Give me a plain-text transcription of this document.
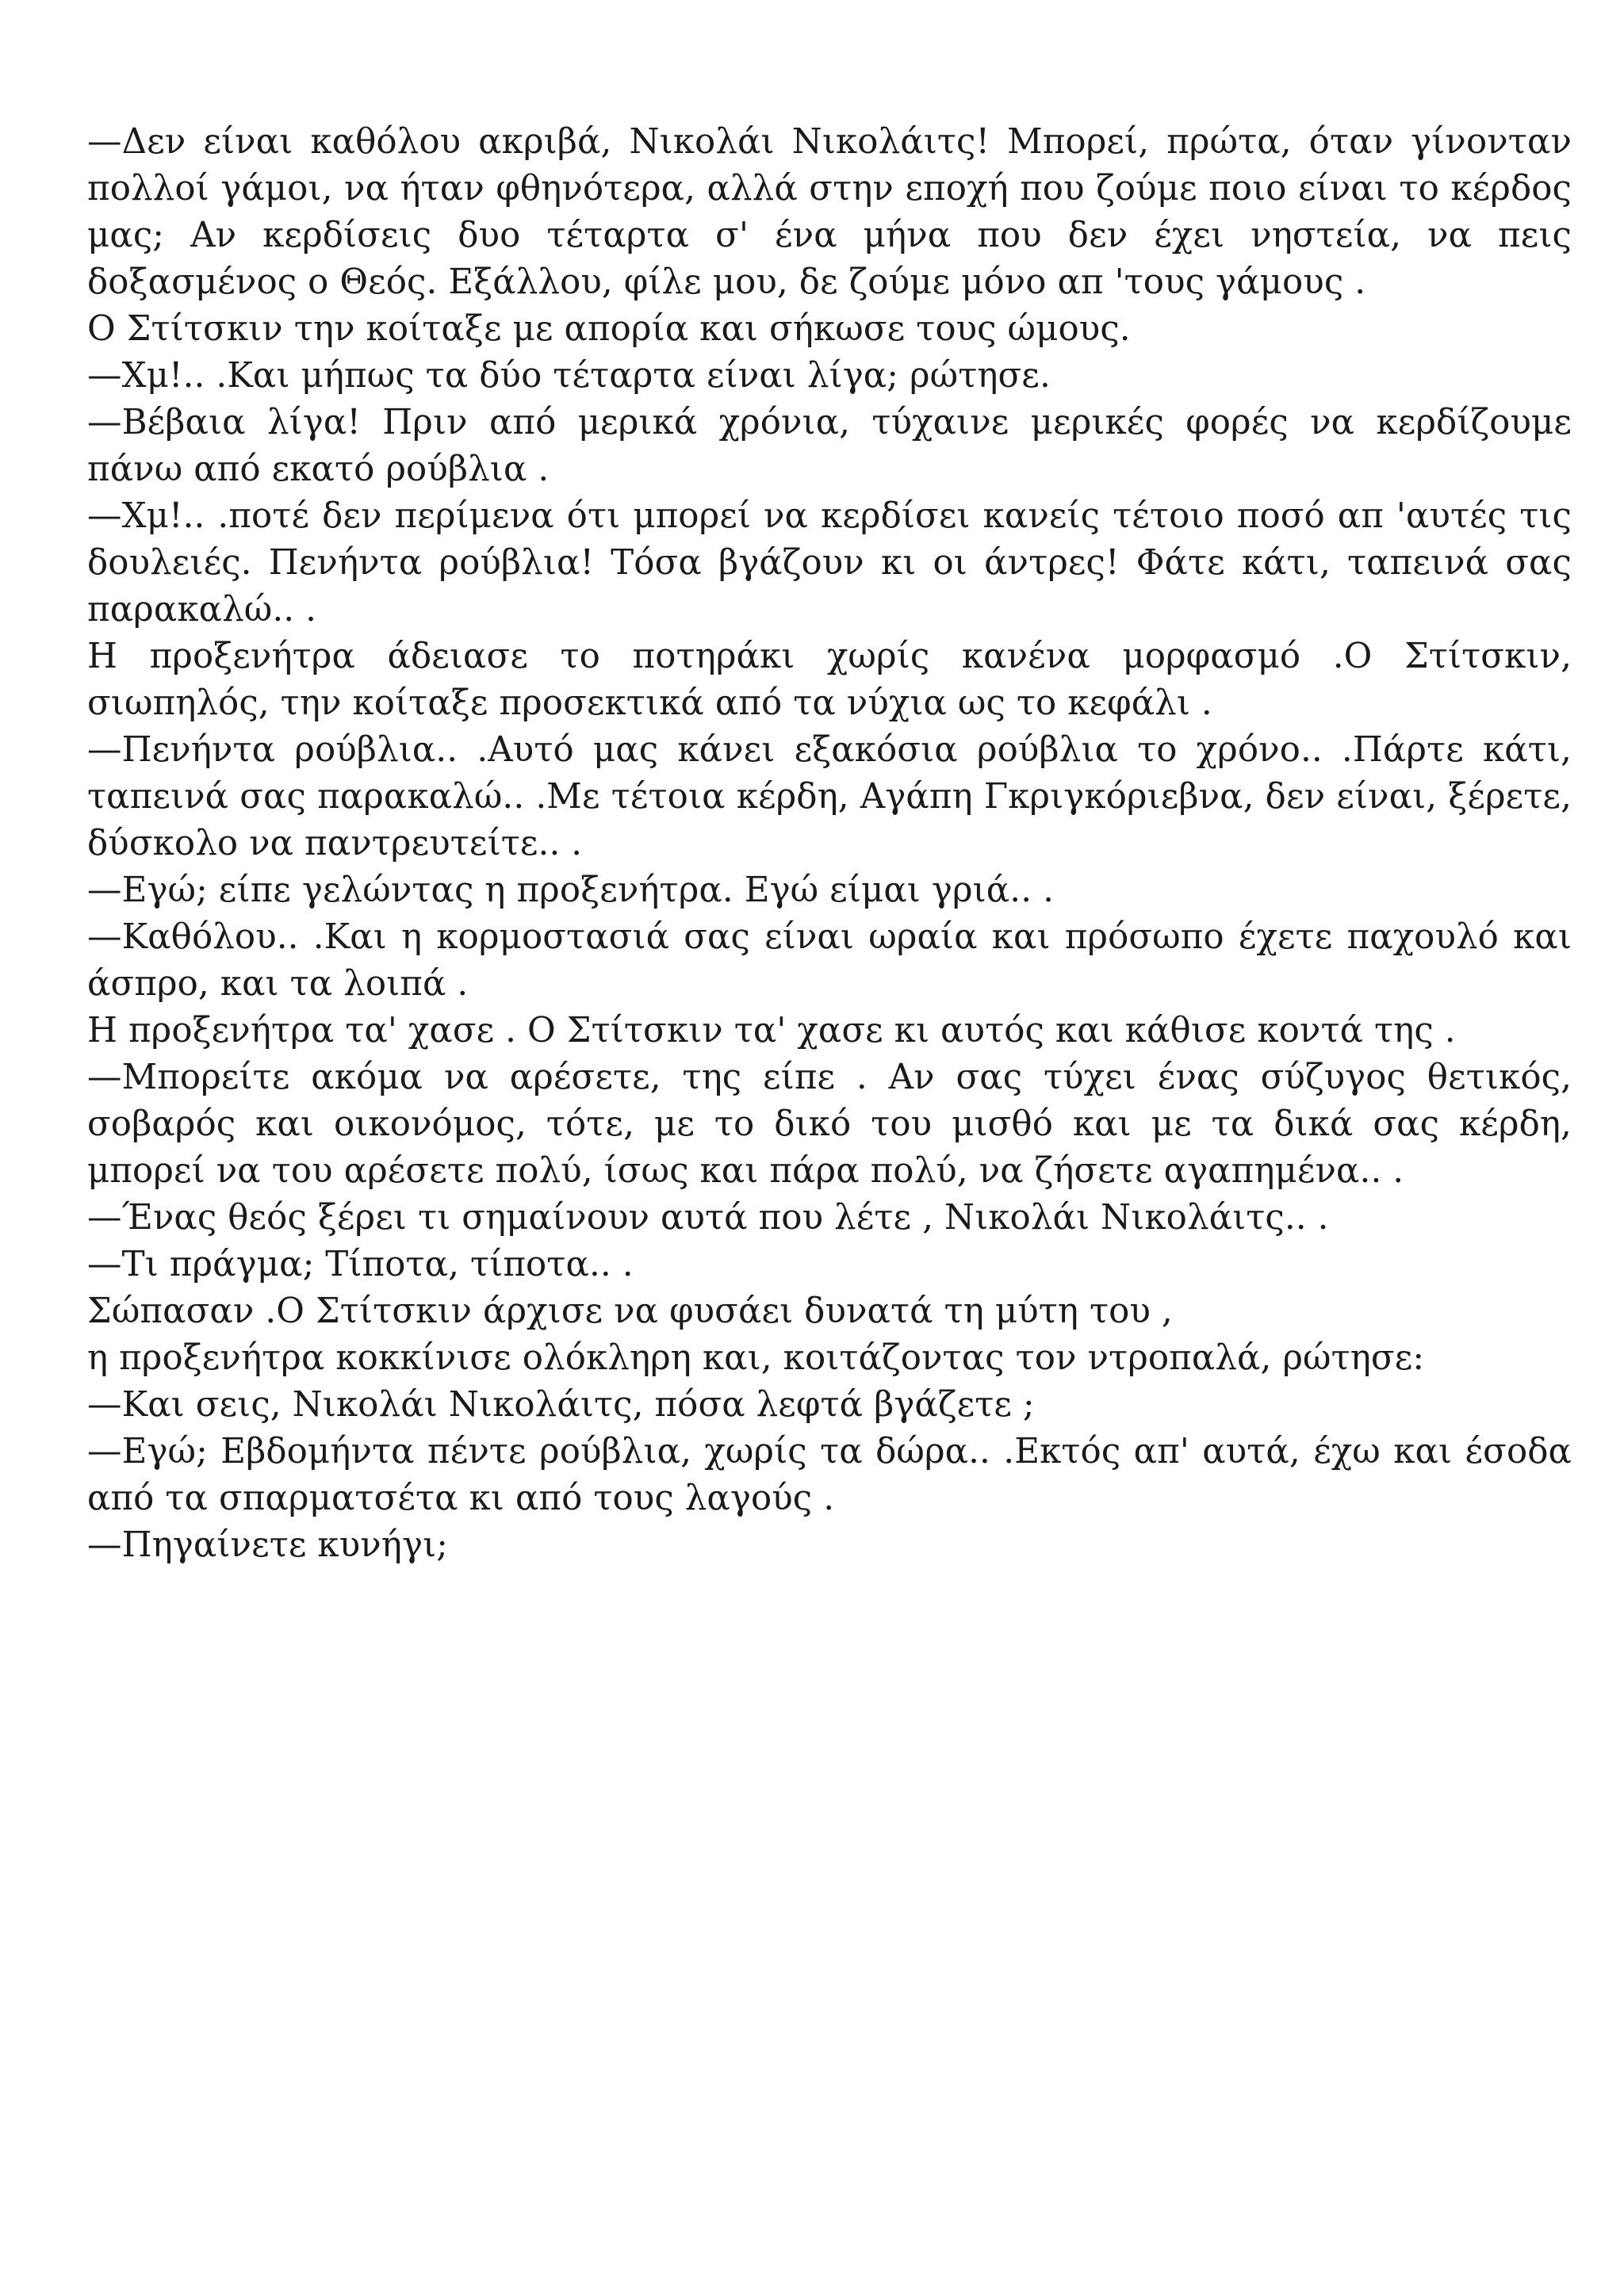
—Δεν είναι καθόλου ακριβά, Νικολάι Νικολάιτς! Μπορεί, πρώτα, όταν γίνονταν πολλοί γάμοι, να ήταν φθηνότερα, αλλά στην εποχή που ζούμε ποιο είναι το κέρδος μας; Αν κερδίσεις δυο τέταρτα σ' ένα μήνα που δεν έχει νηστεία, να πεις δοξασμένος ο Θεός. Εξάλλου, φίλε μου, δε ζούμε μόνο απ 'τους γάμους .

Ο Στίτσκιν την κοίταξε με απορία και σήκωσε τους ώμους.

—Χμ!.. .Και μήπως τα δύο τέταρτα είναι λίγα; ρώτησε.

—Βέβαια λίγα! Πριν από μερικά χρόνια, τύχαινε μερικές φορές να κερδίζουμε πάνω από εκατό ρούβλια .

—Χμ!.. .ποτέ δεν περίμενα ότι μπορεί να κερδίσει κανείς τέτοιο ποσό απ 'αυτές τις δουλειές. Πενήντα ρούβλια! Τόσα βγάζουν κι οι άντρες! Φάτε κάτι, ταπεινά σας παρακαλώ.. .

Η προξενήτρα άδειασε το ποτηράκι χωρίς κανένα μορφασμό .Ο Στίτσκιν, σιωπηλός, την κοίταξε προσεκτικά από τα νύχια ως το κεφάλι .

—Πενήντα ρούβλια.. .Αυτό μας κάνει εξακόσια ρούβλια το χρόνο.. .Πάρτε κάτι, ταπεινά σας παρακαλώ.. .Με τέτοια κέρδη, Αγάπη Γκριγκόριεβνα, δεν είναι, ξέρετε, δύσκολο να παντρευτείτε.. .

—Εγώ; είπε γελώντας η προξενήτρα. Εγώ είμαι γριά.. .

—Καθόλου.. .Και η κορμοστασιά σας είναι ωραία και πρόσωπο έχετε παχουλό και άσπρο, και τα λοιπά .

Η προξενήτρα τα' χασε . Ο Στίτσκιν τα' χασε κι αυτός και κάθισε κοντά της .

—Μπορείτε ακόμα να αρέσετε, της είπε . Αν σας τύχει ένας σύζυγος θετικός, σοβαρός και οικονόμος, τότε, με το δικό του μισθό και με τα δικά σας κέρδη, μπορεί να του αρέσετε πολύ, ίσως και πάρα πολύ, να ζήσετε αγαπημένα.. .

—Ένας θεός ξέρει τι σημαίνουν αυτά που λέτε , Νικολάι Νικολάιτς.. .

—Τι πράγμα; Τίποτα, τίποτα.. .

Σώπασαν .Ο Στίτσκιν άρχισε να φυσάει δυνατά τη μύτη του ,

η προξενήτρα κοκκίνισε ολόκληρη και, κοιτάζοντας τον ντροπαλά, ρώτησε:

—Και σεις, Νικολάι Νικολάιτς, πόσα λεφτά βγάζετε ;

—Εγώ; Εβδομήντα πέντε ρούβλια, χωρίς τα δώρα.. .Εκτός απ' αυτά, έχω και έσοδα από τα σπαρματσέτα κι από τους λαγούς .

—Πηγαίνετε κυνήγι;
